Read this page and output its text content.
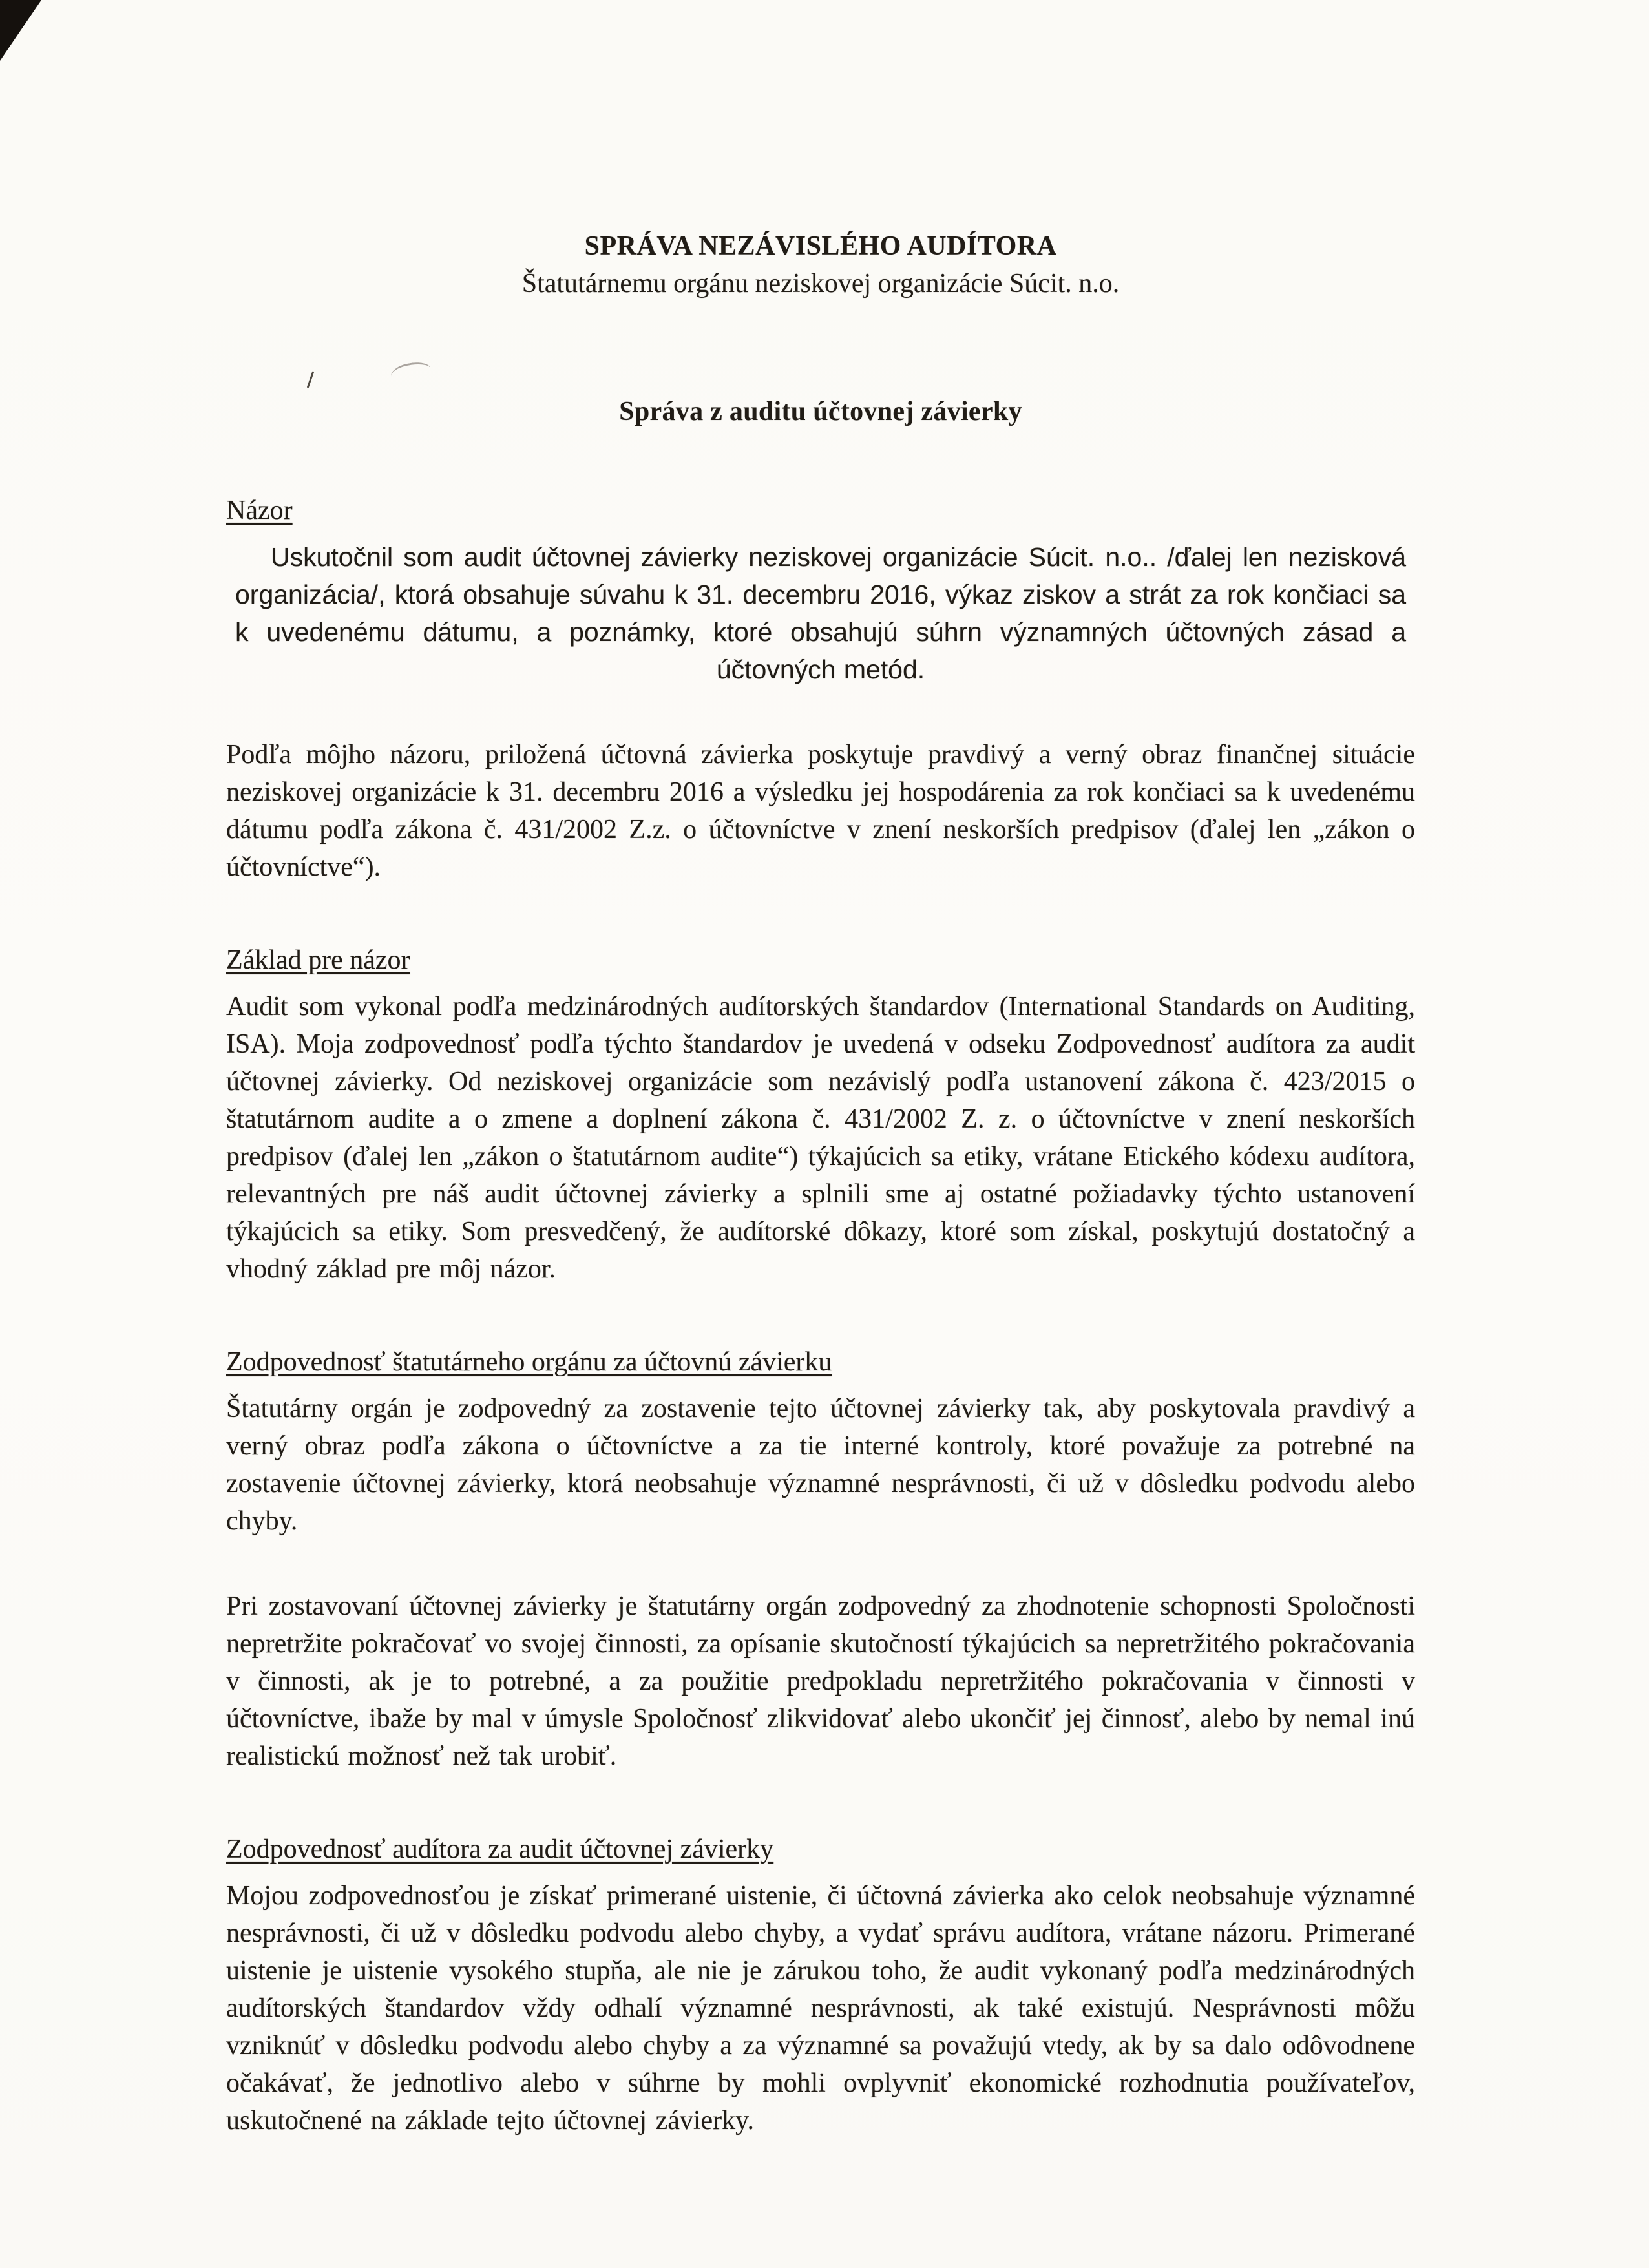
SPRÁVA NEZÁVISLÉHO AUDÍTORA
Štatutárnemu orgánu neziskovej organizácie Súcit. n.o.
Správa z auditu účtovnej závierky
Názor

Uskutočnil som audit účtovnej závierky neziskovej organizácie Súcit. n.o.. /ďalej len nezisková organizácia/, ktorá obsahuje súvahu k 31. decembru 2016, výkaz ziskov a strát za rok končiaci sa k uvedenému dátumu, a poznámky, ktoré obsahujú súhrn významných účtovných zásad a účtovných metód.

Podľa môjho názoru, priložená účtovná závierka poskytuje pravdivý a verný obraz finančnej situácie neziskovej organizácie k 31. decembru 2016 a výsledku jej hospodárenia za rok končiaci sa k uvedenému dátumu podľa zákona č. 431/2002 Z.z. o účtovníctve v znení neskorších predpisov (ďalej len „zákon o účtovníctve“).

Základ pre názor

Audit som vykonal podľa medzinárodných audítorských štandardov (International Standards on Auditing, ISA). Moja zodpovednosť podľa týchto štandardov je uvedená v odseku Zodpovednosť audítora za audit účtovnej závierky. Od neziskovej organizácie som nezávislý podľa ustanovení zákona č. 423/2015 o štatutárnom audite a o zmene a doplnení zákona č. 431/2002 Z. z. o účtovníctve v znení neskorších predpisov (ďalej len „zákon o štatutárnom audite“) týkajúcich sa etiky, vrátane Etického kódexu audítora, relevantných pre náš audit účtovnej závierky a splnili sme aj ostatné požiadavky týchto ustanovení týkajúcich sa etiky. Som presvedčený, že audítorské dôkazy, ktoré som získal, poskytujú dostatočný a vhodný základ pre môj názor.

Zodpovednosť štatutárneho orgánu za účtovnú závierku

Štatutárny orgán je zodpovedný za zostavenie tejto účtovnej závierky tak, aby poskytovala pravdivý a verný obraz podľa zákona o účtovníctve a za tie interné kontroly, ktoré považuje za potrebné na zostavenie účtovnej závierky, ktorá neobsahuje významné nesprávnosti, či už v dôsledku podvodu alebo chyby.

Pri zostavovaní účtovnej závierky je štatutárny orgán zodpovedný za zhodnotenie schopnosti Spoločnosti nepretržite pokračovať vo svojej činnosti, za opísanie skutočností týkajúcich sa nepretržitého pokračovania v činnosti, ak je to potrebné, a za použitie predpokladu nepretržitého pokračovania v činnosti v účtovníctve, ibaže by mal v úmysle Spoločnosť zlikvidovať alebo ukončiť jej činnosť, alebo by nemal inú realistickú možnosť než tak urobiť.

Zodpovednosť audítora za audit účtovnej závierky

Mojou zodpovednosťou je získať primerané uistenie, či účtovná závierka ako celok neobsahuje významné nesprávnosti, či už v dôsledku podvodu alebo chyby, a vydať správu audítora, vrátane názoru. Primerané uistenie je uistenie vysokého stupňa, ale nie je zárukou toho, že audit vykonaný podľa medzinárodných audítorských štandardov vždy odhalí významné nesprávnosti, ak také existujú. Nesprávnosti môžu vzniknúť v dôsledku podvodu alebo chyby a za významné sa považujú vtedy, ak by sa dalo odôvodnene očakávať, že jednotlivo alebo v súhrne by mohli ovplyvniť ekonomické rozhodnutia používateľov, uskutočnené na základe tejto účtovnej závierky.
